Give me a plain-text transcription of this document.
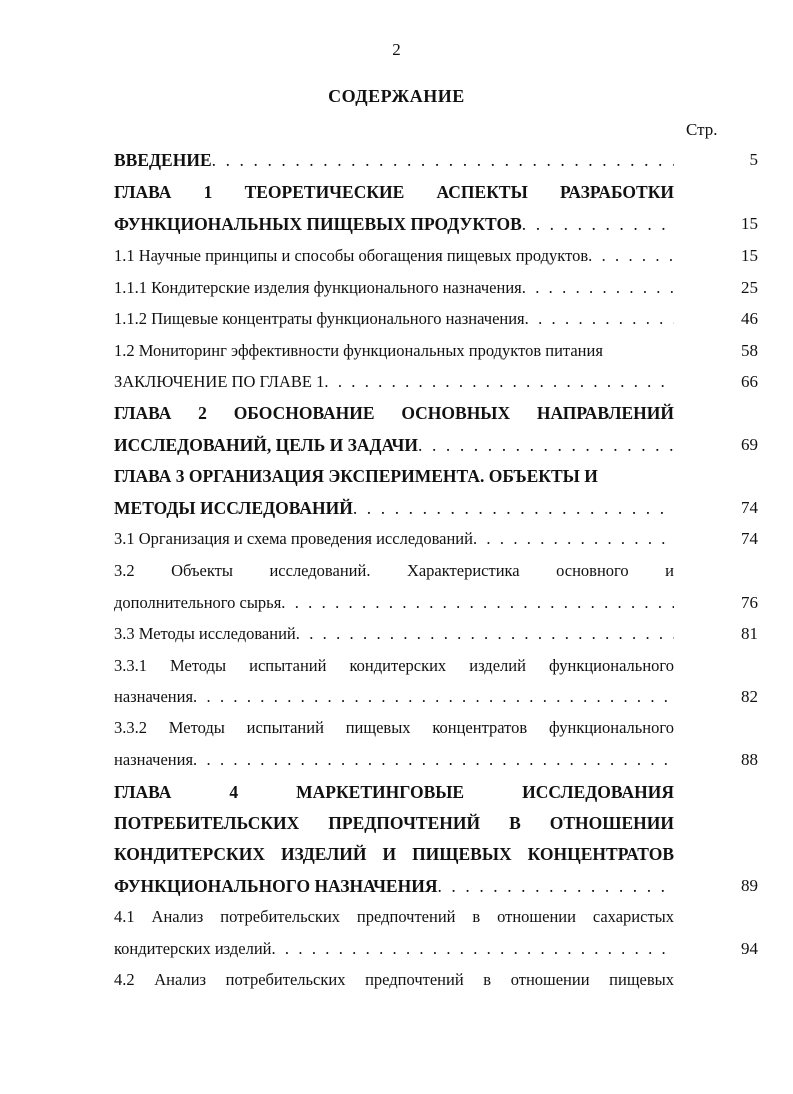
2
СОДЕРЖАНИЕ
Стр.
ВВЕДЕНИЕ . . .	5
ГЛАВА 1 ТЕОРЕТИЧЕСКИЕ АСПЕКТЫ РАЗРАБОТКИ
ФУНКЦИОНАЛЬНЫХ ПИЩЕВЫХ ПРОДУКТОВ . . .	15
1.1 Научные принципы и способы обогащения пищевых продуктов . . .	15
1.1.1 Кондитерские изделия функционального назначения . . .	25
1.1.2 Пищевые концентраты функционального назначения . . .	46
1.2 Мониторинг эффективности функциональных продуктов питания	58
ЗАКЛЮЧЕНИЕ ПО ГЛАВЕ 1 . . .	66
ГЛАВА 2 ОБОСНОВАНИЕ ОСНОВНЫХ НАПРАВЛЕНИЙ
ИССЛЕДОВАНИЙ, ЦЕЛЬ И ЗАДАЧИ . . .	69
ГЛАВА 3 ОРГАНИЗАЦИЯ ЭКСПЕРИМЕНТА. ОБЪЕКТЫ И
МЕТОДЫ ИССЛЕДОВАНИЙ . . .	74
3.1 Организация и схема проведения исследований . . .	74
3.2 Объекты исследований. Характеристика основного и
дополнительного сырья . . .	76
3.3 Методы исследований . . .	81
3.3.1 Методы испытаний кондитерских изделий функционального
назначения . . .	82
3.3.2 Методы испытаний пищевых концентратов функционального
назначения . . .	88
ГЛАВА 4 МАРКЕТИНГОВЫЕ ИССЛЕДОВАНИЯ
ПОТРЕБИТЕЛЬСКИХ ПРЕДПОЧТЕНИЙ В ОТНОШЕНИИ
КОНДИТЕРСКИХ ИЗДЕЛИЙ И ПИЩЕВЫХ КОНЦЕНТРАТОВ
ФУНКЦИОНАЛЬНОГО НАЗНАЧЕНИЯ . . .	89
4.1 Анализ потребительских предпочтений в отношении сахаристых
кондитерских изделий . . .	94
4.2 Анализ потребительских предпочтений в отношении пищевых
